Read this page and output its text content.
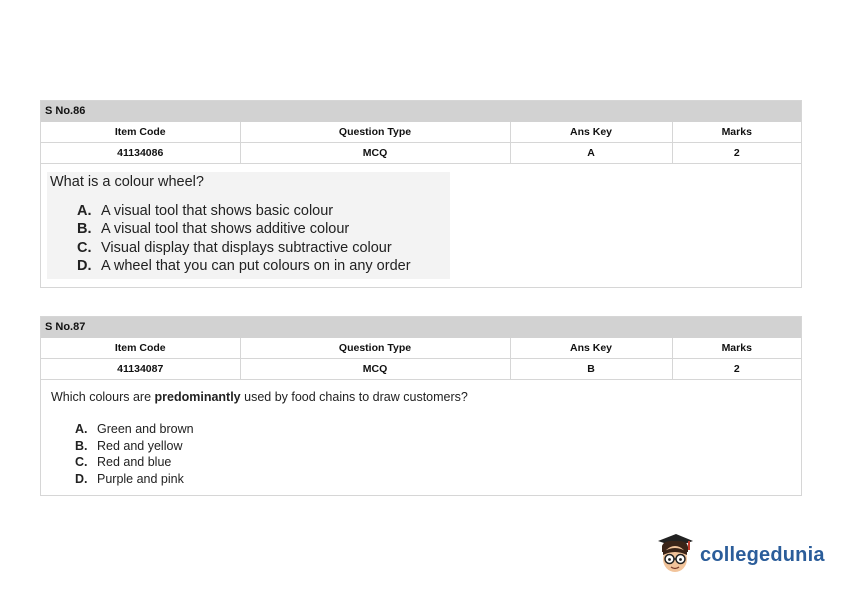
S No.86
Item Code	Question Type	Ans Key	Marks
41134086	MCQ	A	2

What is a colour wheel?

A. A visual tool that shows basic colour
B. A visual tool that shows additive colour
C. Visual display that displays subtractive colour
D. A wheel that you can put colours on in any order
S No.87
Item Code	Question Type	Ans Key	Marks
41134087	MCQ	B	2

Which colours are predominantly used by food chains to draw customers?

A. Green and brown
B. Red and yellow
C. Red and blue
D. Purple and pink
collegedunia
